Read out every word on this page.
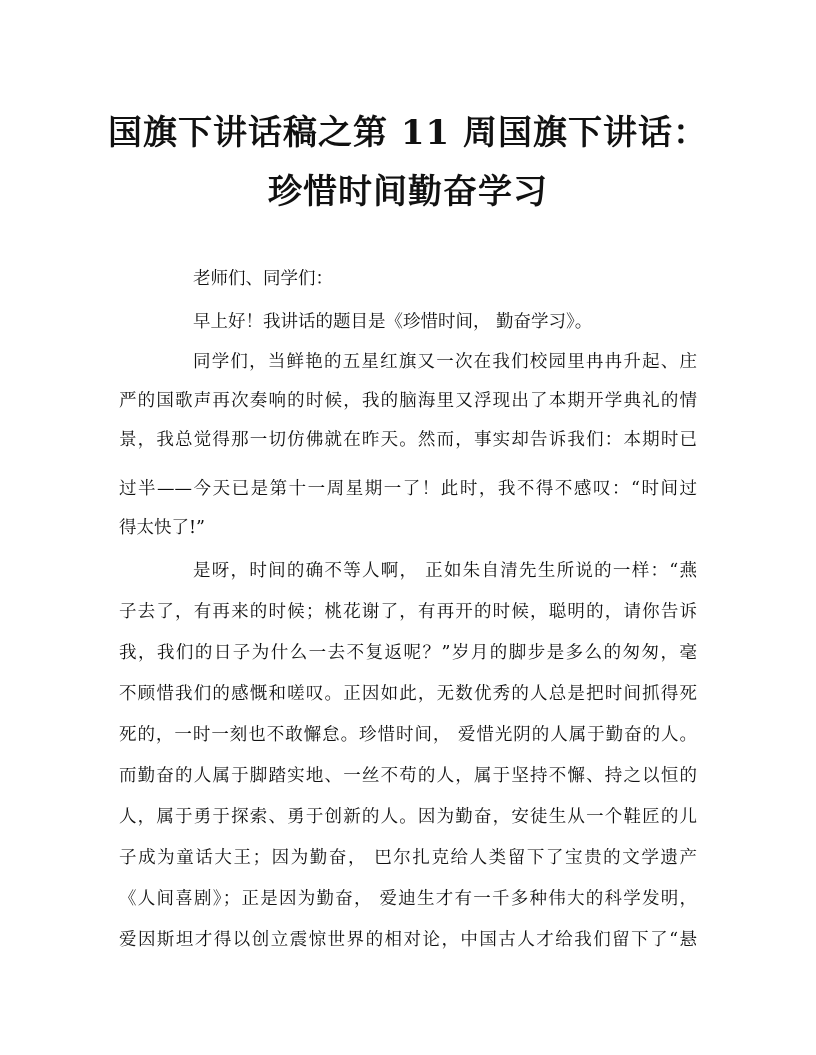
国旗下讲话稿之第 11 周国旗下讲话：
珍惜时间勤奋学习
老师们、同学们：
早上好！我讲话的题目是《珍惜时间， 勤奋学习》。
同学们，当鲜艳的五星红旗又一次在我们校园里冉冉升起、庄
严的国歌声再次奏响的时候，我的脑海里又浮现出了本期开学典礼的情
景，我总觉得那一切仿佛就在昨天。然而，事实却告诉我们：本期时已
过半——今天已是第十一周星期一了！此时，我不得不感叹：“时间过
得太快了!”
是呀，时间的确不等人啊， 正如朱自清先生所说的一样：“燕
子去了，有再来的时候；桃花谢了，有再开的时候，聪明的，请你告诉
我，我们的日子为什么一去不复返呢？”岁月的脚步是多么的匆匆，毫
不顾惜我们的感慨和嗟叹。正因如此，无数优秀的人总是把时间抓得死
死的，一时一刻也不敢懈怠。珍惜时间， 爱惜光阴的人属于勤奋的人。
而勤奋的人属于脚踏实地、一丝不苟的人，属于坚持不懈、持之以恒的
人，属于勇于探索、勇于创新的人。因为勤奋，安徒生从一个鞋匠的儿
子成为童话大王；因为勤奋， 巴尔扎克给人类留下了宝贵的文学遗产
《人间喜剧》；正是因为勤奋， 爱迪生才有一千多种伟大的科学发明，
爱因斯坦才得以创立震惊世界的相对论，中国古人才给我们留下了“悬
